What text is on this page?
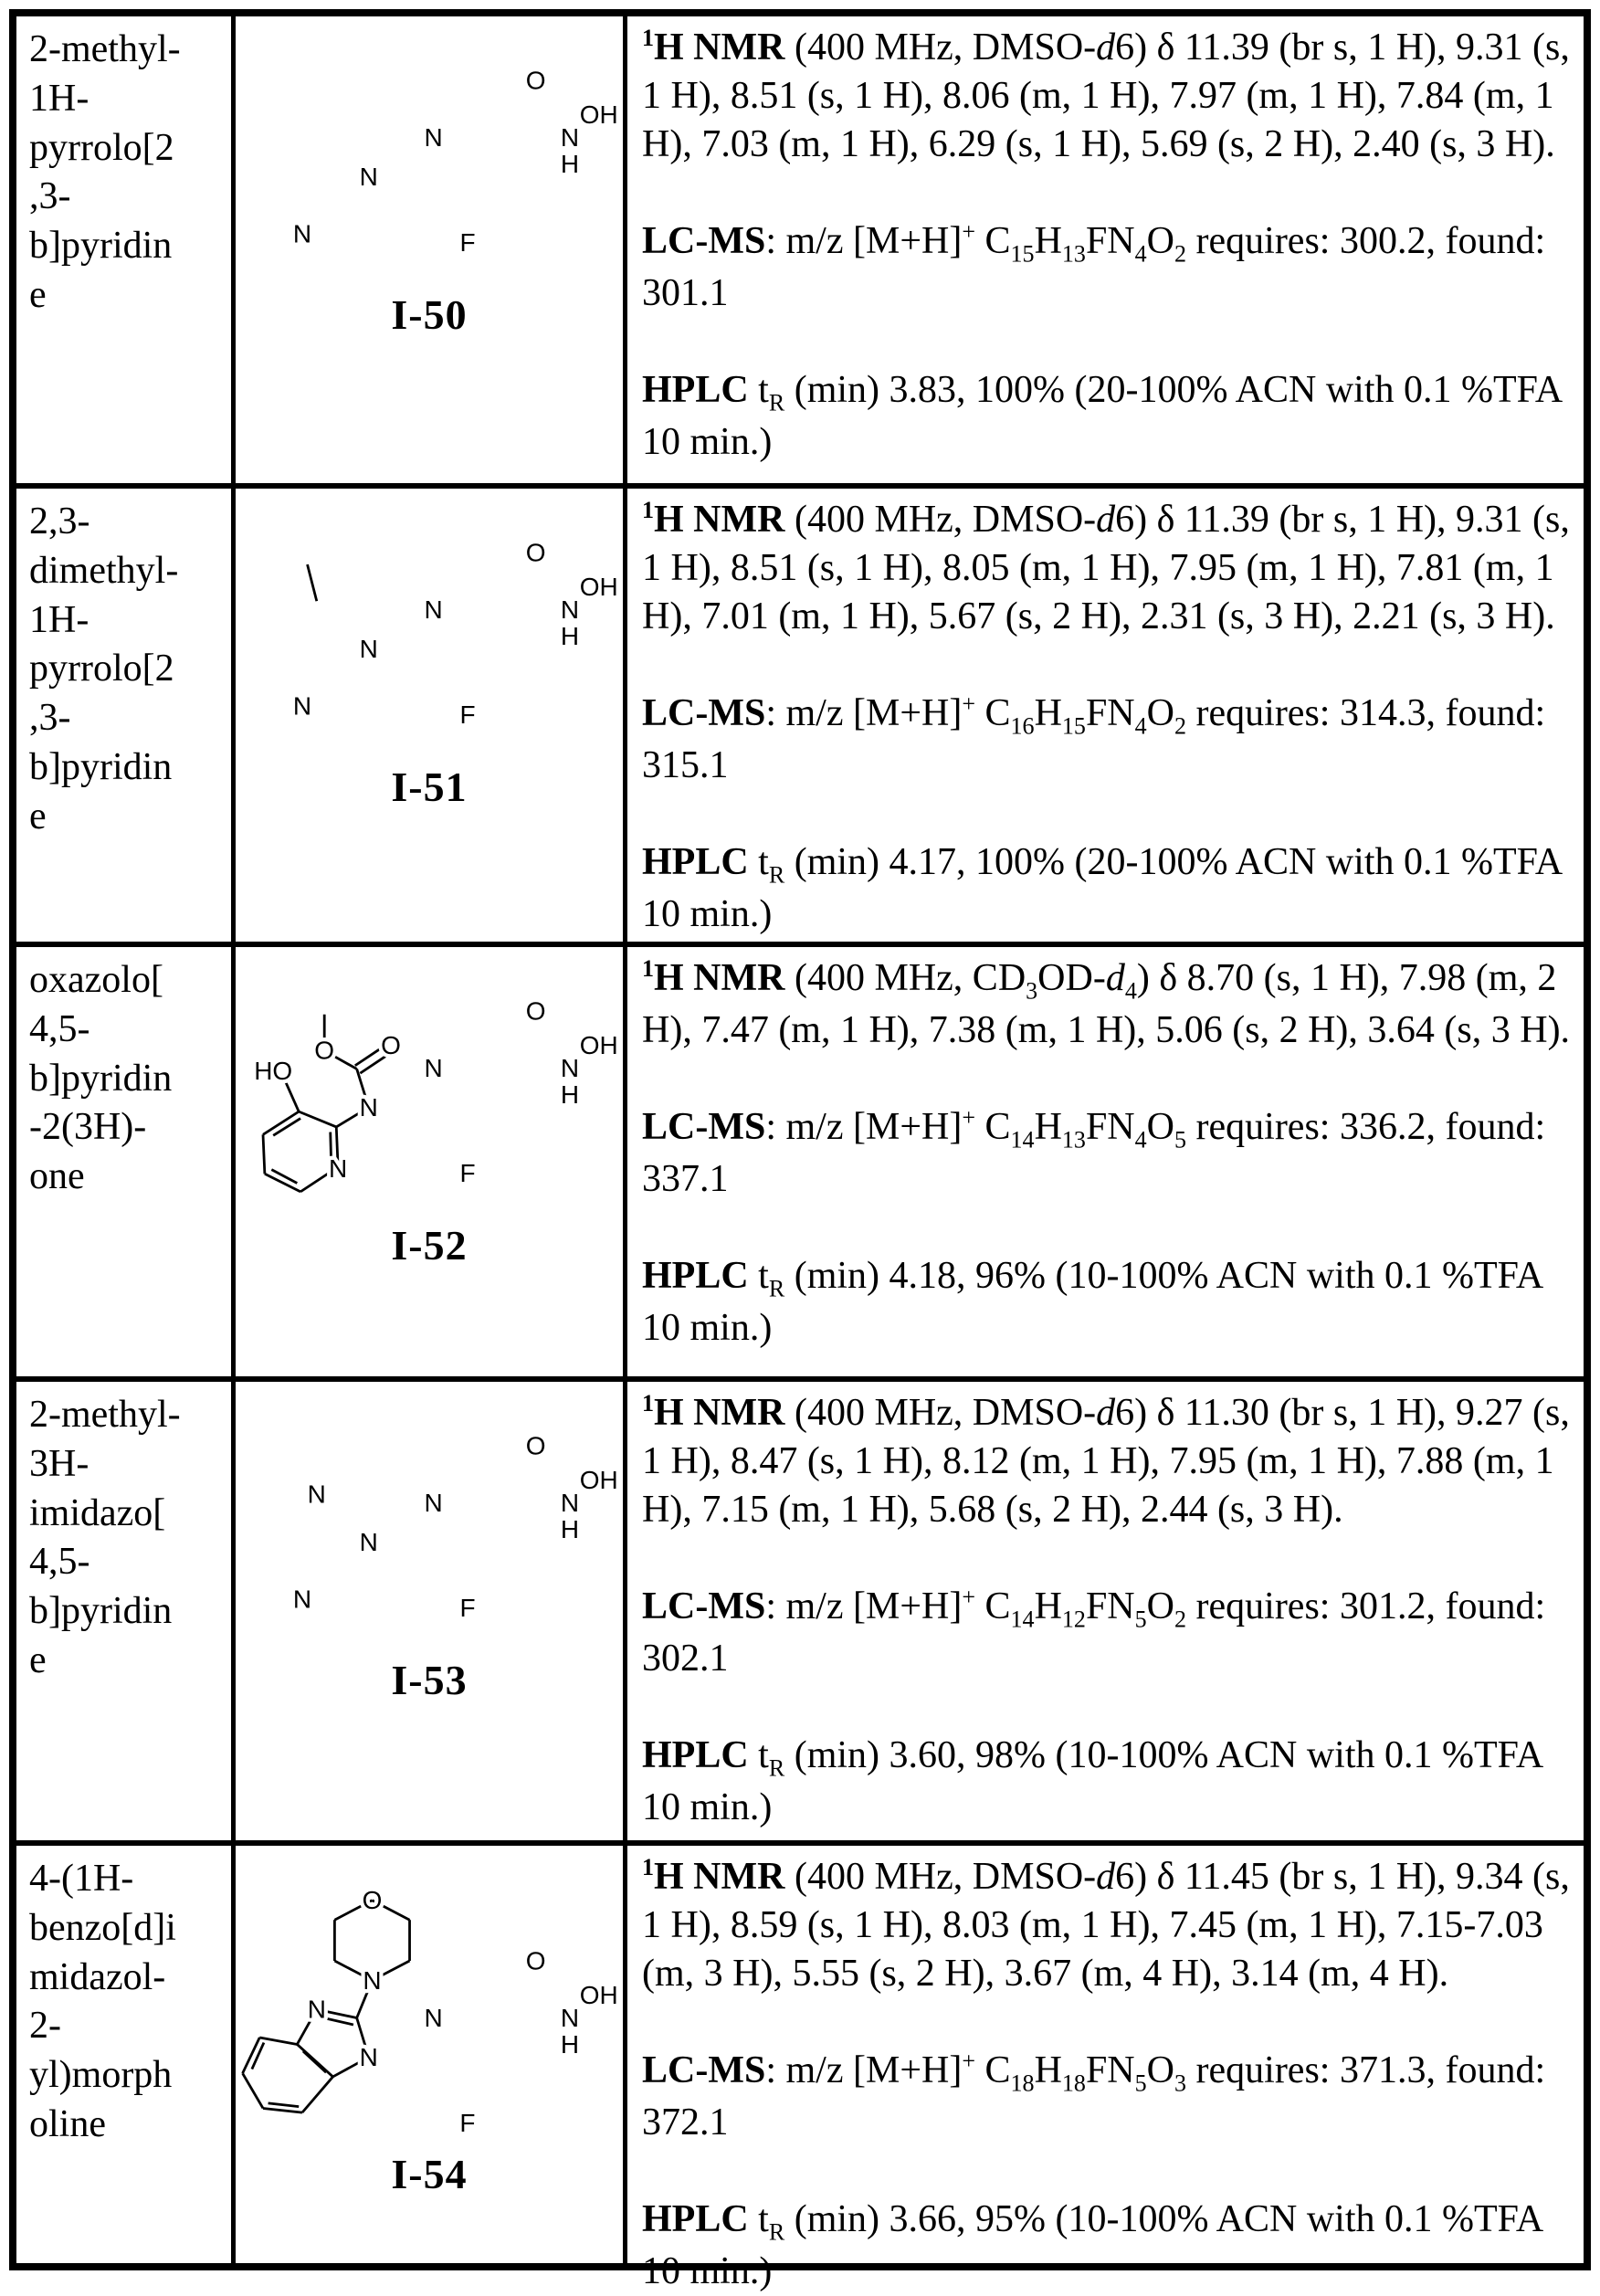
2-methyl-
1H-
pyrrolo[2
,3-
b]pyridin
e
N
O
N
H
OH
F
N
N
I-50

$^1$H NMR (400 MHz, DMSO-d6) δ 11.39 (br s, 1 H), 9.31 (s, 1 H), 8.51 (s, 1 H), 8.06 (m, 1 H), 7.97 (m, 1 H), 7.84 (m, 1 H), 7.03 (m, 1 H), 6.29 (s, 1 H), 5.69 (s, 2 H), 2.40 (s, 3 H).

LC-MS: m/z [M+H]+ $C_{15}H_{13}FN_4O_2$ requires: 300.2, found: 301.1

HPLC $t_R$ (min) 3.83, 100% (20-100% ACN with 0.1 %TFA 10 min.)

2,3-
dimethyl-
1H-
pyrrolo[2
,3-
b]pyridin
e
N
O
N
H
OH
F
N
N
I-51

$^1$H NMR (400 MHz, DMSO-d6) δ 11.39 (br s, 1 H), 9.31 (s, 1 H), 8.51 (s, 1 H), 8.05 (m, 1 H), 7.95 (m, 1 H), 7.81 (m, 1 H), 7.01 (m, 1 H), 5.67 (s, 2 H), 2.31 (s, 3 H), 2.21 (s, 3 H).

LC-MS: m/z [M+H]+ $C_{16}H_{15}FN_4O_2$ requires: 314.3, found: 315.1

HPLC $t_R$ (min) 4.17, 100% (20-100% ACN with 0.1 %TFA 10 min.)

oxazolo[
4,5-
b]pyridin
-2(3H)-
one
N
O
N
H
OH
F
N
O
O
HO
N
I-52

$^1$H NMR (400 MHz, $CD_3OD-d_4$) δ 8.70 (s, 1 H), 7.98 (m, 2 H), 7.47 (m, 1 H), 7.38 (m, 1 H), 5.06 (s, 2 H), 3.64 (s, 3 H).

LC-MS: m/z [M+H]+ $C_{14}H_{13}FN_4O_5$ requires: 336.2, found: 337.1

HPLC $t_R$ (min) 4.18, 96% (10-100% ACN with 0.1 %TFA 10 min.)

2-methyl-
3H-
imidazo[
4,5-
b]pyridin
e
N
O
N
H
OH
F
N
N
N
I-53

$^1$H NMR (400 MHz, DMSO-d6) δ 11.30 (br s, 1 H), 9.27 (s, 1 H), 8.47 (s, 1 H), 8.12 (m, 1 H), 7.95 (m, 1 H), 7.88 (m, 1 H), 7.15 (m, 1 H), 5.68 (s, 2 H), 2.44 (s, 3 H).

LC-MS: m/z [M+H]+ $C_{14}H_{12}FN_5O_2$ requires: 301.2, found: 302.1

HPLC $t_R$ (min) 3.60, 98% (10-100% ACN with 0.1 %TFA 10 min.)

4-(1H-
benzo[d]i
midazol-
2-
yl)morph
oline
N
O
N
H
OH
F
N
N
N
O
I-54

$^1$H NMR (400 MHz, DMSO-d6) δ 11.45 (br s, 1 H), 9.34 (s, 1 H), 8.59 (s, 1 H), 8.03 (m, 1 H), 7.45 (m, 1 H), 7.15-7.03 (m, 3 H), 5.55 (s, 2 H), 3.67 (m, 4 H), 3.14 (m, 4 H).

LC-MS: m/z [M+H]+ $C_{18}H_{18}FN_5O_3$ requires: 371.3, found: 372.1

HPLC $t_R$ (min) 3.66, 95% (10-100% ACN with 0.1 %TFA 10 min.)
